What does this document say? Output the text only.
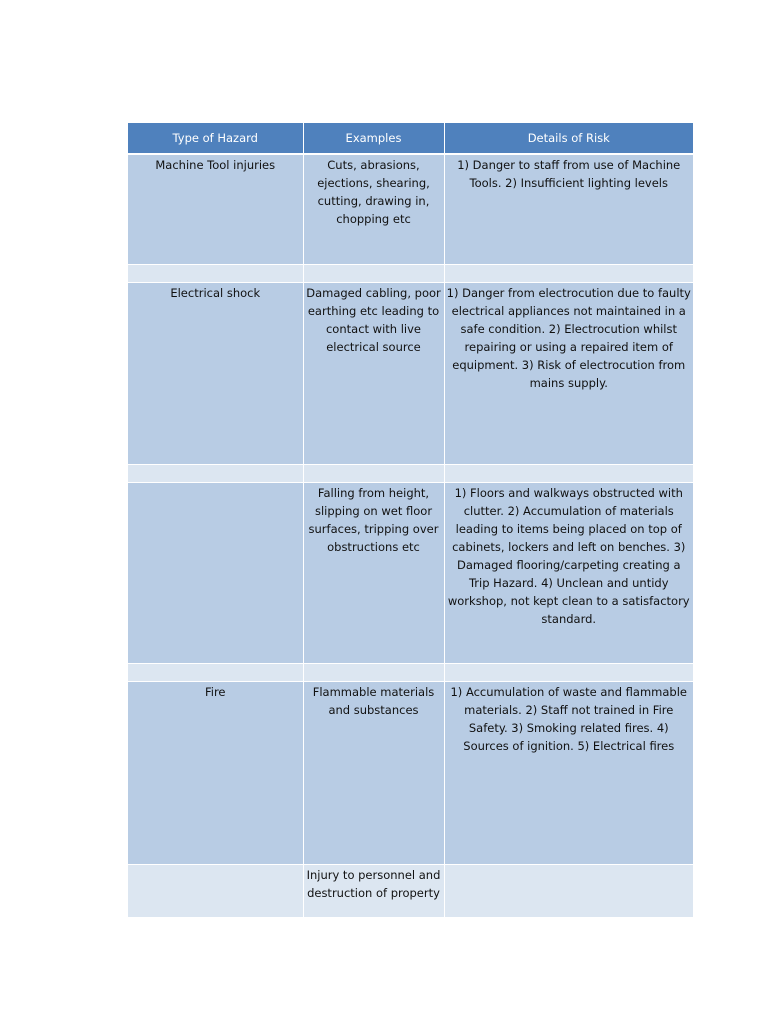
Type of Hazard	Examples	Details of Risk
Machine Tool injuries	Cuts, abrasions, ejections, shearing, cutting, drawing in, chopping etc	1) Danger to staff from use of Machine Tools. 2) Insufficient lighting levels

Electrical shock	Damaged cabling, poor earthing etc leading to contact with live electrical source	1) Danger from electrocution due to faulty electrical appliances not maintained in a safe condition. 2) Electrocution whilst repairing or using a repaired item of equipment. 3) Risk of electrocution from mains supply.

	Falling from height, slipping on wet floor surfaces, tripping over obstructions etc	1) Floors and walkways obstructed with clutter. 2) Accumulation of materials leading to items being placed on top of cabinets, lockers and left on benches. 3) Damaged flooring/carpeting creating a Trip Hazard. 4) Unclean and untidy workshop, not kept clean to a satisfactory standard.

Fire	Flammable materials and substances	1) Accumulation of waste and flammable materials. 2) Staff not trained in Fire Safety. 3) Smoking related fires. 4) Sources of ignition. 5) Electrical fires
	Injury to personnel and destruction of property	
